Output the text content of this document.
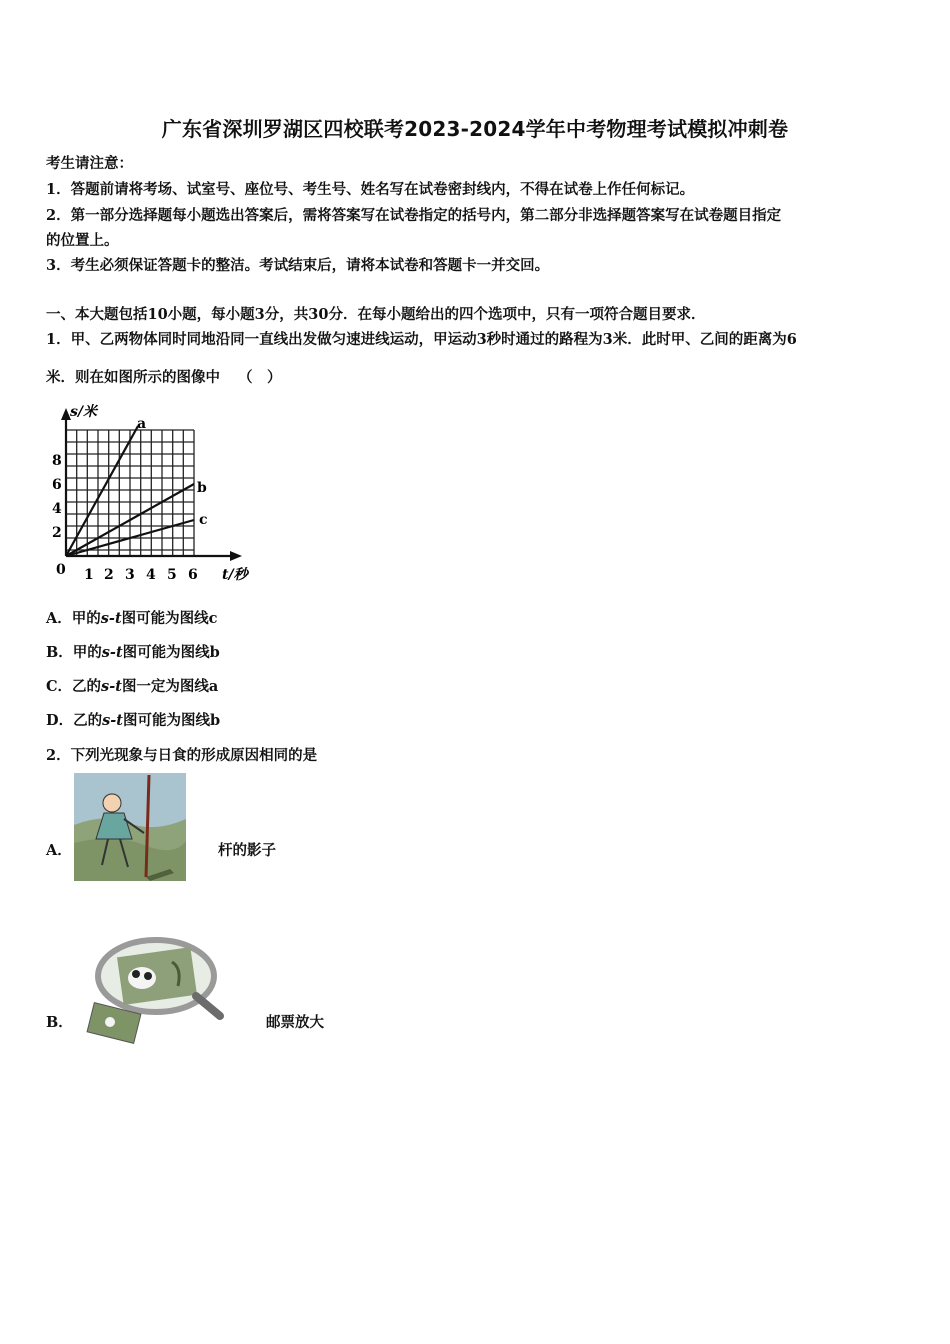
广东省深圳罗湖区四校联考2023-2024学年中考物理考试模拟冲刺卷
考生请注意：
1．答题前请将考场、试室号、座位号、考生号、姓名写在试卷密封线内，不得在试卷上作任何标记。
2．第一部分选择题每小题选出答案后，需将答案写在试卷指定的括号内，第二部分非选择题答案写在试卷题目指定
的位置上。
3．考生必须保证答题卡的整洁。考试结束后，请将本试卷和答题卡一并交回。
一、本大题包括10小题，每小题3分，共30分．在每小题给出的四个选项中，只有一项符合题目要求．
1．甲、乙两物体同时同地沿同一直线出发做匀速进线运动，甲运动3秒时通过的路程为3米．此时甲、乙间的距离为6
米．则在如图所示的图像中 （　）
a
b
c
s/米
t/秒
0
2
4
6
8
1 2 3 4 5 6
A．甲的s-t图可能为图线c
B．甲的s-t图可能为图线b
C．乙的s-t图一定为图线a
D．乙的s-t图可能为图线b
2．下列光现象与日食的形成原因相同的是
A．	杆的影子
B．	邮票放大
